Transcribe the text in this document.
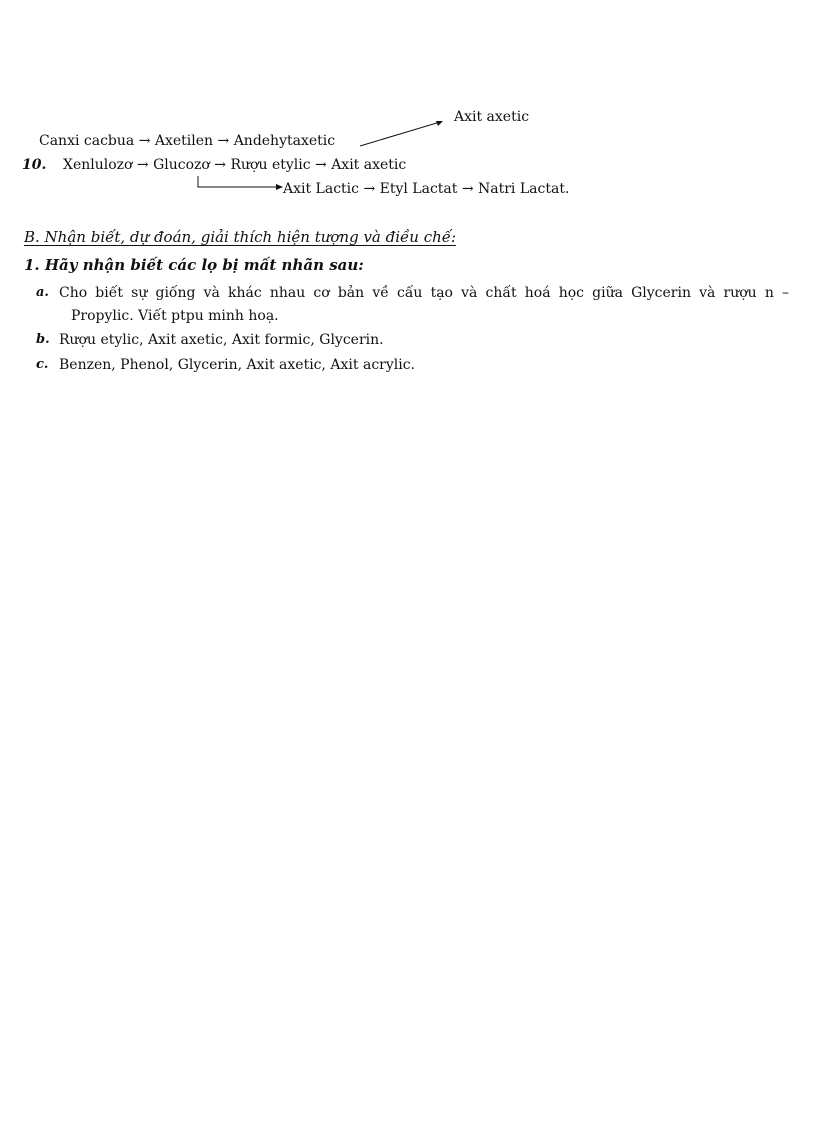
Axit axetic
Canxi cacbua → Axetilen → Andehytaxetic
10. Xenlulozơ → Glucozơ → Rượu etylic → Axit axetic
Axit Lactic → Etyl Lactat → Natri Lactat.
B. Nhận biết, dự đoán, giải thích hiện tượng và điều chế:
1. Hãy nhận biết các lọ bị mất nhãn sau:
a. Cho biết sự giống và khác nhau cơ bản về cấu tạo và chất hoá học giữa Glycerin và rượu n –
Propylic. Viết ptpu minh hoạ.
b. Rượu etylic, Axit axetic, Axit formic, Glycerin.
c. Benzen, Phenol, Glycerin, Axit axetic, Axit acrylic.
